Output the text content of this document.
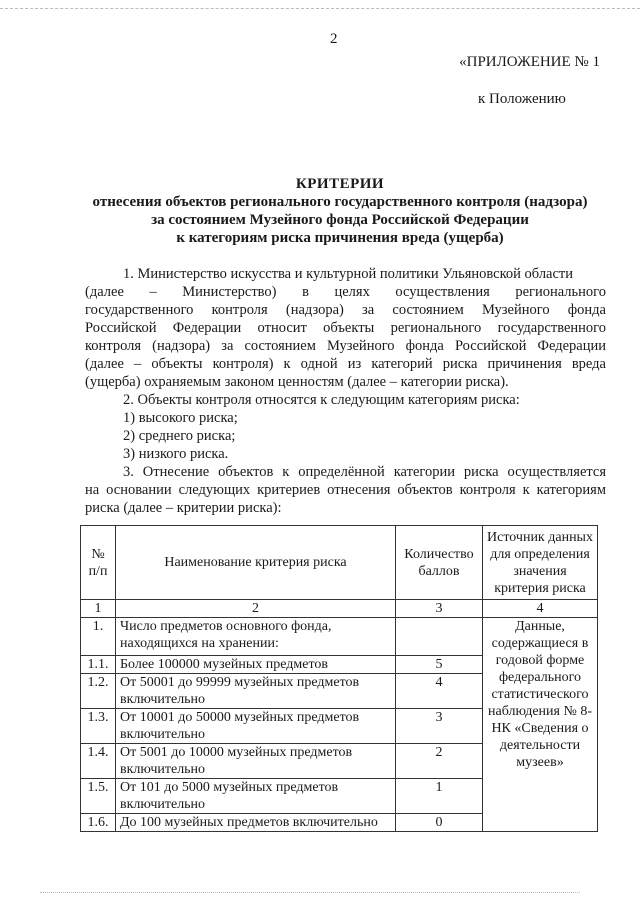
2
«ПРИЛОЖЕНИЕ № 1
к Положению
КРИТЕРИИ
отнесения объектов регионального государственного контроля (надзора)
за состоянием Музейного фонда Российской Федерации
к категориям риска причинения вреда (ущерба)
1. Министерство искусства и культурной политики Ульяновской области
(далее – Министерство) в целях осуществления регионального
государственного контроля (надзора) за состоянием Музейного фонда
Российской Федерации относит объекты регионального государственного
контроля (надзора) за состоянием Музейного фонда Российской Федерации
(далее – объекты контроля) к одной из категорий риска причинения вреда
(ущерба) охраняемым законом ценностям (далее – категории риска).
2. Объекты контроля относятся к следующим категориям риска:
1) высокого риска;
2) среднего риска;
3) низкого риска.
3. Отнесение объектов к определённой категории риска осуществляется
на основании следующих критериев отнесения объектов контроля к категориям
риска (далее – критерии риска):
№ п/п	Наименование критерия риска	Количество баллов	Источник данных для определения значения критерия риска
1	2	3	4
1.	Число предметов основного фонда, находящихся на хранении:		Данные, содержащиеся в годовой форме федерального статистического наблюдения № 8-НК «Сведения о деятельности музеев»
1.1.	Более 100000 музейных предметов	5	
1.2.	От 50001 до 99999 музейных предметов включительно	4	
1.3.	От 10001 до 50000 музейных предметов включительно	3	
1.4.	От 5001 до 10000 музейных предметов включительно	2	
1.5.	От 101 до 5000 музейных предметов включительно	1	
1.6.	До 100 музейных предметов включительно	0	
